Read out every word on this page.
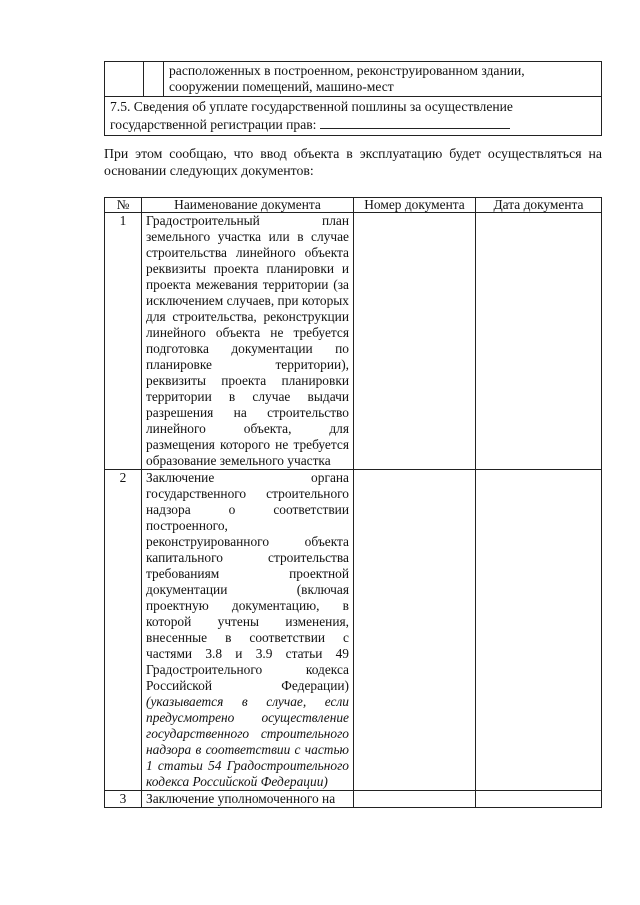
		расположенных в построенном, реконструированном здании, сооружении помещений, машино-мест
7.5. Сведения об уплате государственной пошлины за осуществление государственной регистрации прав:

При этом сообщаю, что ввод объекта в эксплуатацию будет осуществляться на основании следующих документов:

№	Наименование документа	Номер документа	Дата документа
1	Градостроительный план земельного участка или в случае строительства линейного объекта реквизиты проекта планировки и проекта межевания территории (за исключением случаев, при которых для строительства, реконструкции линейного объекта не требуется подготовка документации по планировке территории), реквизиты проекта планировки территории в случае выдачи разрешения на строительство линейного объекта, для размещения которого не требуется образование земельного участка		
2	Заключение органа государственного строительного надзора о соответствии построенного, реконструированного объекта капитального строительства требованиям проектной документации (включая проектную документацию, в которой учтены изменения, внесенные в соответствии с частями 3.8 и 3.9 статьи 49 Градостроительного кодекса Российской Федерации) (указывается в случае, если предусмотрено осуществление государственного строительного надзора в соответствии с частью 1 статьи 54 Градостроительного кодекса Российской Федерации)		
3	Заключение уполномоченного на		
